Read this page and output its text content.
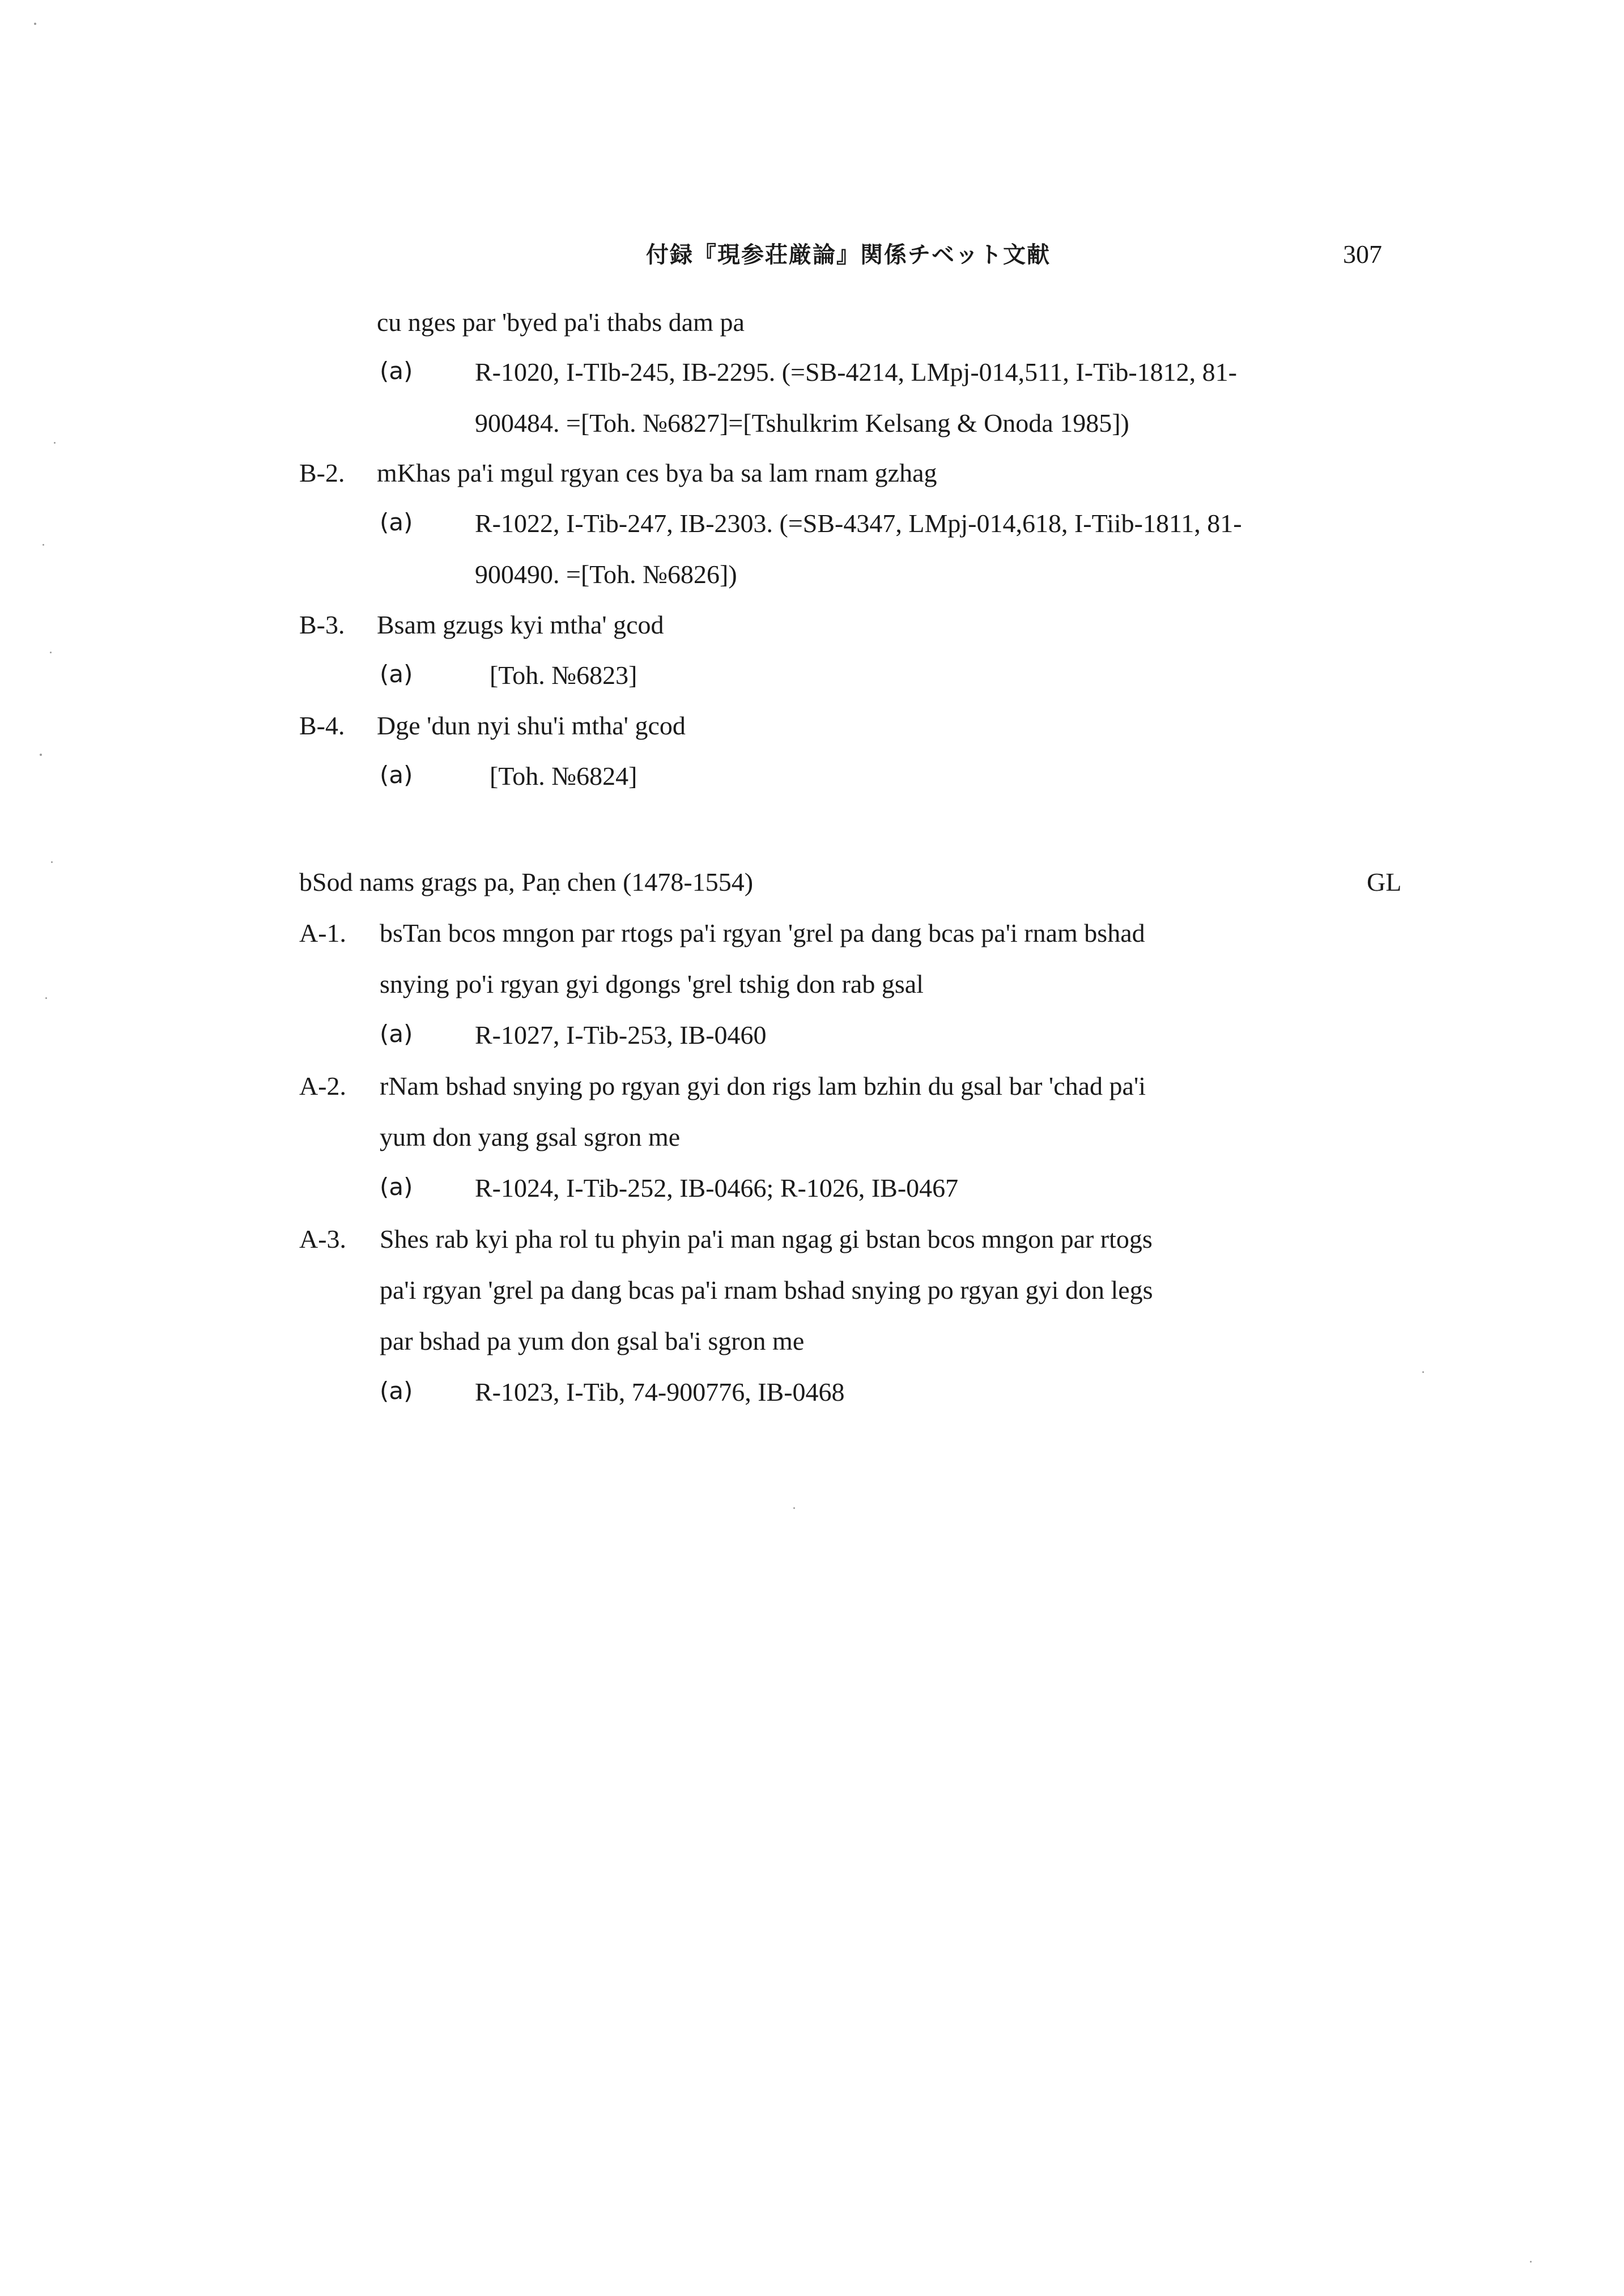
付録『現参荘厳論』関係チベット文献	307
cu nges par 'byed pa'i thabs dam pa
(a) R-1020, I-TIb-245, IB-2295. (=SB-4214, LMpj-014,511, I-Tib-1812, 81-
900484. =[Toh. №6827]=[Tshulkrim Kelsang & Onoda 1985])
B-2. mKhas pa'i mgul rgyan ces bya ba sa lam rnam gzhag
(a) R-1022, I-Tib-247, IB-2303. (=SB-4347, LMpj-014,618, I-Tiib-1811, 81-
900490. =[Toh. №6826])
B-3. Bsam gzugs kyi mtha' gcod
(a)	[Toh. №6823]
B-4. Dge 'dun nyi shu'i mtha' gcod
(a)	[Toh. №6824]
bSod nams grags pa, Paṇ chen (1478-1554)	GL
A-1. bsTan bcos mngon par rtogs pa'i rgyan 'grel pa dang bcas pa'i rnam bshad
snying po'i rgyan gyi dgongs 'grel tshig don rab gsal
(a) R-1027, I-Tib-253, IB-0460
A-2. rNam bshad snying po rgyan gyi don rigs lam bzhin du gsal bar 'chad pa'i
yum don yang gsal sgron me
(a) R-1024, I-Tib-252, IB-0466; R-1026, IB-0467
A-3. Shes rab kyi pha rol tu phyin pa'i man ngag gi bstan bcos mngon par rtogs
pa'i rgyan 'grel pa dang bcas pa'i rnam bshad snying po rgyan gyi don legs
par bshad pa yum don gsal ba'i sgron me
(a) R-1023, I-Tib, 74-900776, IB-0468
